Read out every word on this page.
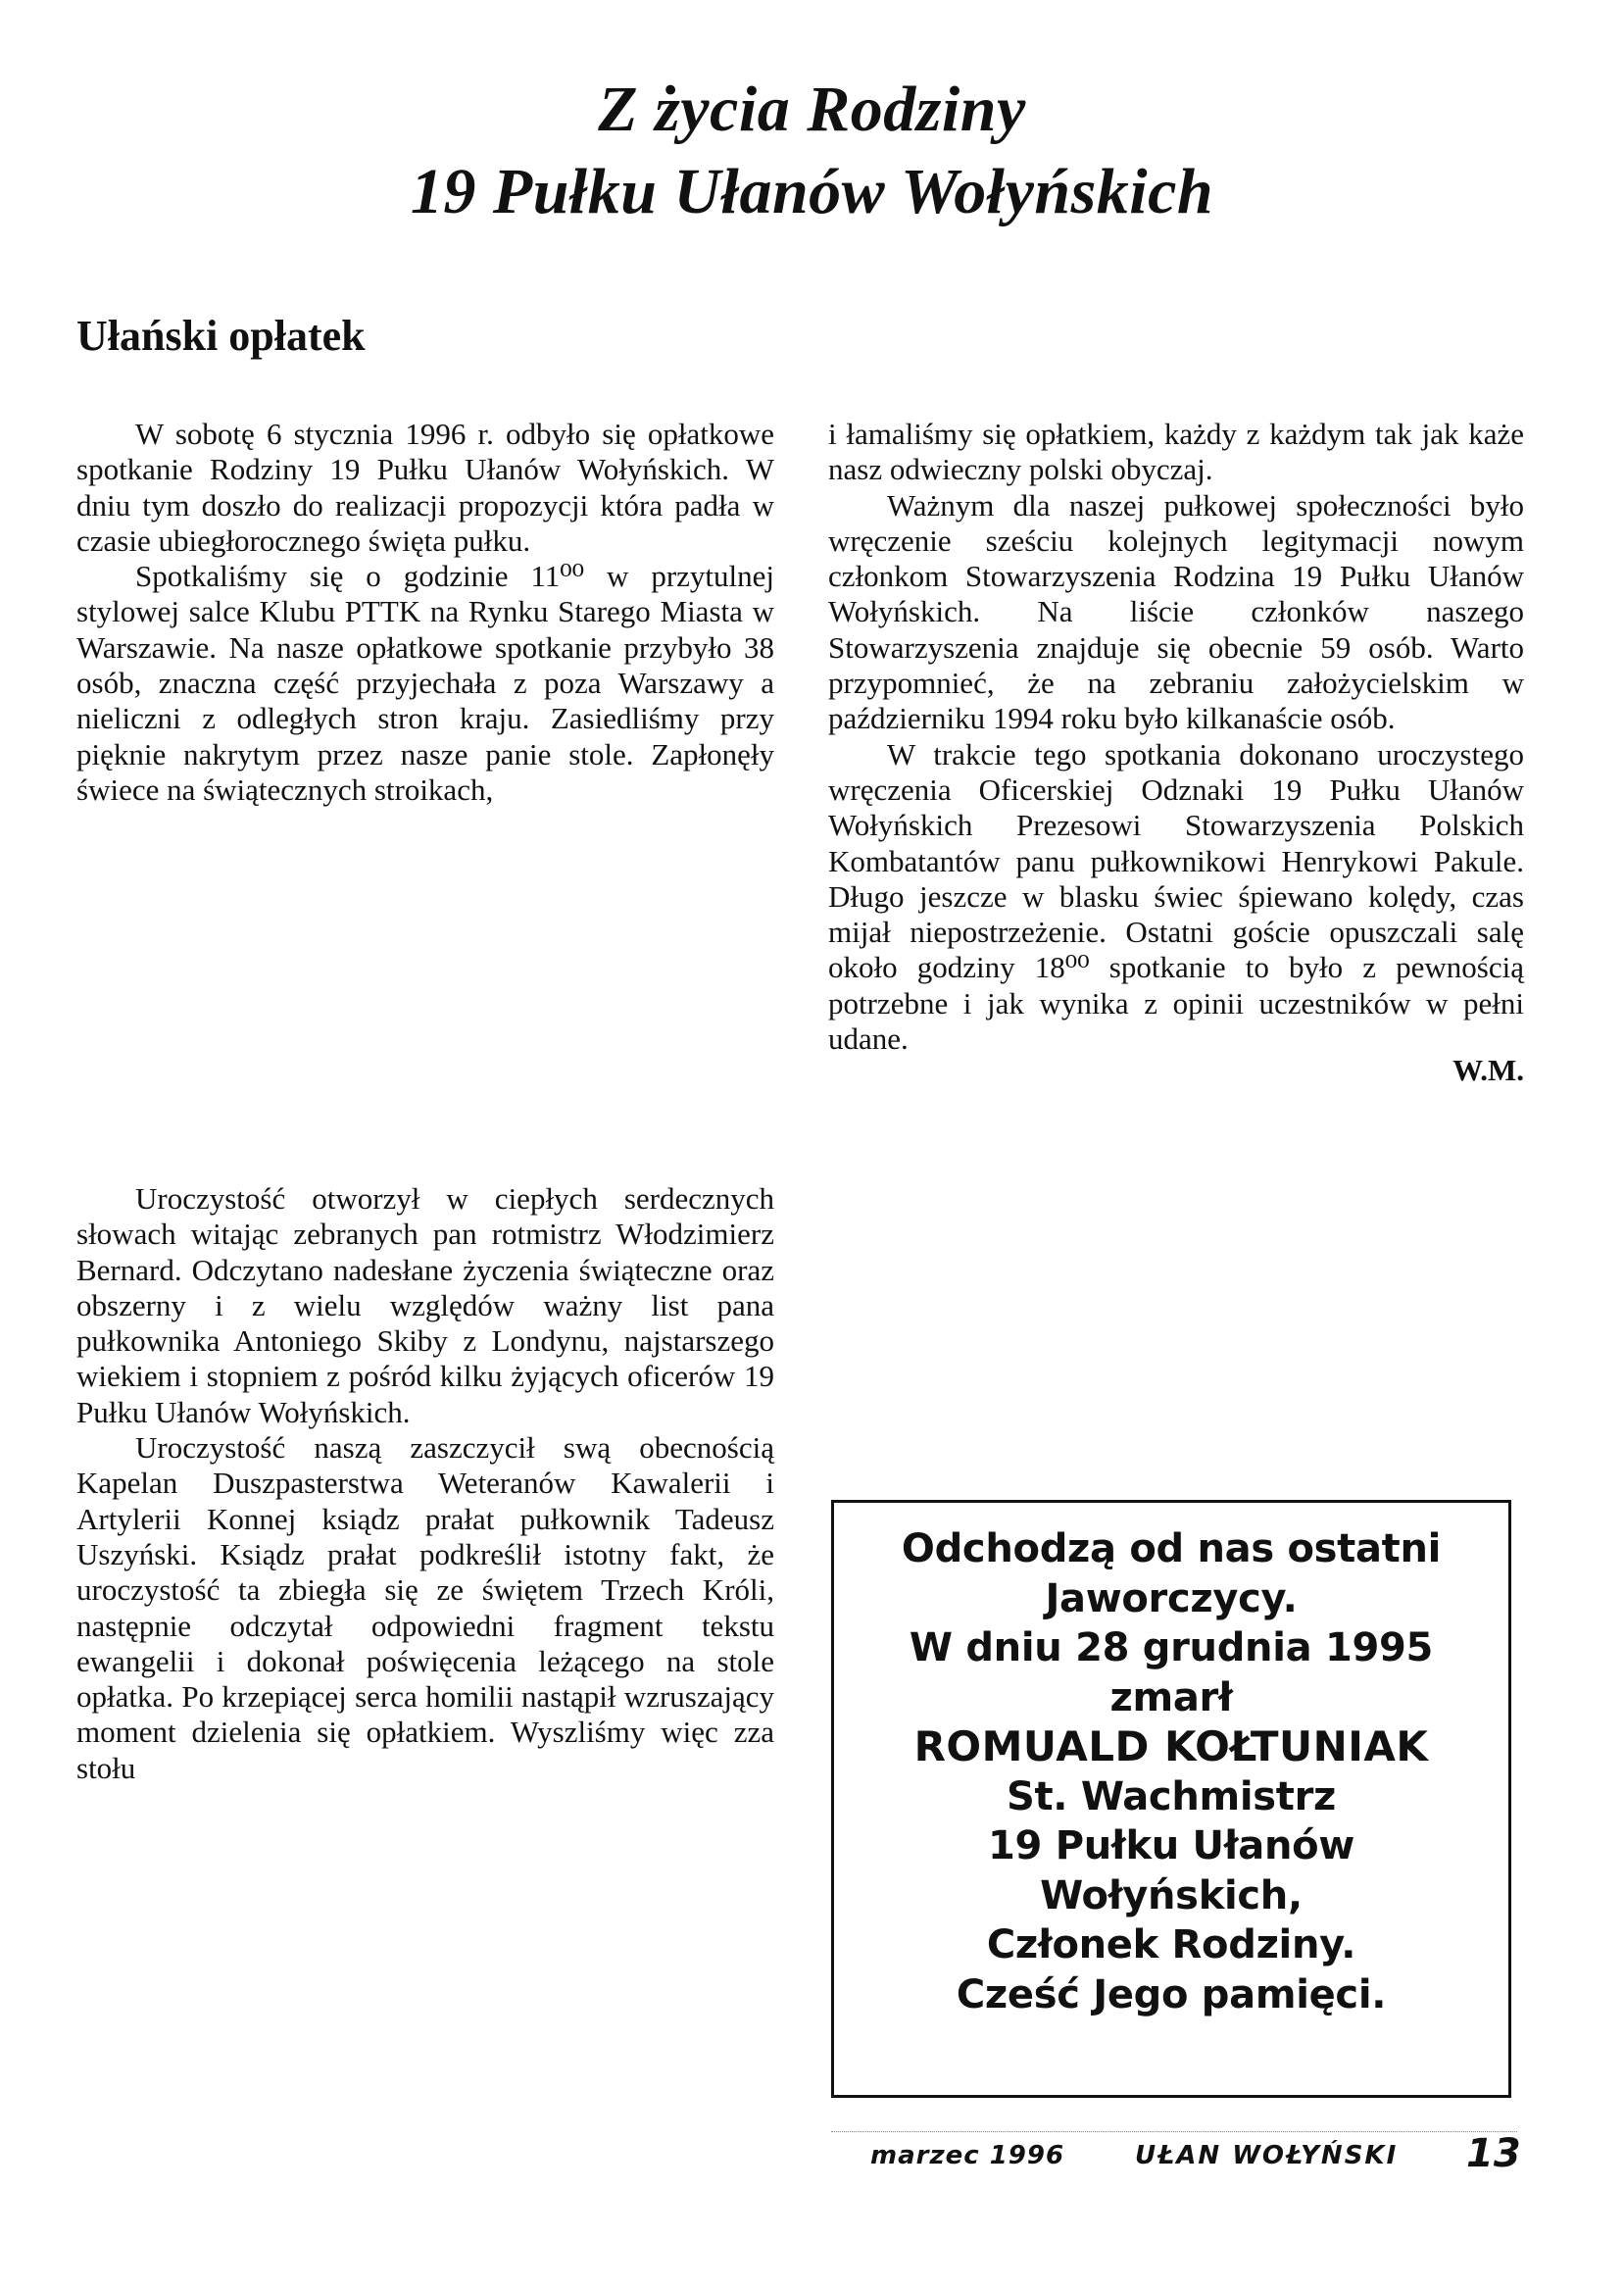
Z życia Rodziny
19 Pułku Ułanów Wołyńskich
Ułański opłatek

W sobotę 6 stycznia 1996 r. odbyło się opłatkowe spotkanie Rodziny 19 Pułku Ułanów Wołyńskich. W dniu tym doszło do realizacji propozycji która padła w czasie ubiegłorocznego święta pułku.

Spotkaliśmy się o godzinie 11⁰⁰ w przytulnej stylowej salce Klubu PTTK na Rynku Starego Miasta w Warszawie. Na nasze opłatkowe spotkanie przybyło 38 osób, znaczna część przyjechała z poza Warszawy a nieliczni z odległych stron kraju. Zasiedliśmy przy pięknie nakrytym przez nasze panie stole. Zapłonęły świece na świątecznych stroikach,

Uroczystość otworzył w ciepłych serdecznych słowach witając zebranych pan rotmistrz Włodzimierz Bernard. Odczytano nadesłane życzenia świąteczne oraz obszerny i z wielu względów ważny list pana pułkownika Antoniego Skiby z Londynu, najstarszego wiekiem i stopniem z pośród kilku żyjących oficerów 19 Pułku Ułanów Wołyńskich.

Uroczystość naszą zaszczycił swą obecnością Kapelan Duszpasterstwa Weteranów Kawalerii i Artylerii Konnej ksiądz prałat pułkownik Tadeusz Uszyński. Ksiądz prałat podkreślił istotny fakt, że uroczystość ta zbiegła się ze świętem Trzech Króli, następnie odczytał odpowiedni fragment tekstu ewangelii i dokonał poświęcenia leżącego na stole opłatka. Po krzepiącej serca homilii nastąpił wzruszający moment dzielenia się opłatkiem. Wyszliśmy więc zza stołu

i łamaliśmy się opłatkiem, każdy z każdym tak jak każe nasz odwieczny polski obyczaj.

Ważnym dla naszej pułkowej społeczności było wręczenie sześciu kolejnych legitymacji nowym członkom Stowarzyszenia Rodzina 19 Pułku Ułanów Wołyńskich. Na liście członków naszego Stowarzyszenia znajduje się obecnie 59 osób. Warto przypomnieć, że na zebraniu założycielskim w październiku 1994 roku było kilkanaście osób.

W trakcie tego spotkania dokonano uroczystego wręczenia Oficerskiej Odznaki 19 Pułku Ułanów Wołyńskich Prezesowi Stowarzyszenia Polskich Kombatantów panu pułkownikowi Henrykowi Pakule. Długo jeszcze w blasku świec śpiewano kolędy, czas mijał niepostrzeżenie. Ostatni goście opuszczali salę około godziny 18⁰⁰ spotkanie to było z pewnością potrzebne i jak wynika z opinii uczestników w pełni udane.

W.M.
Odchodzą od nas ostatni
Jaworczycy.
W dniu 28 grudnia 1995
zmarł
ROMUALD KOŁTUNIAK
St. Wachmistrz
19 Pułku Ułanów
Wołyńskich,
Członek Rodziny.
Cześć Jego pamięci.
marzec 1996	UŁAN WOŁYŃSKI 13
